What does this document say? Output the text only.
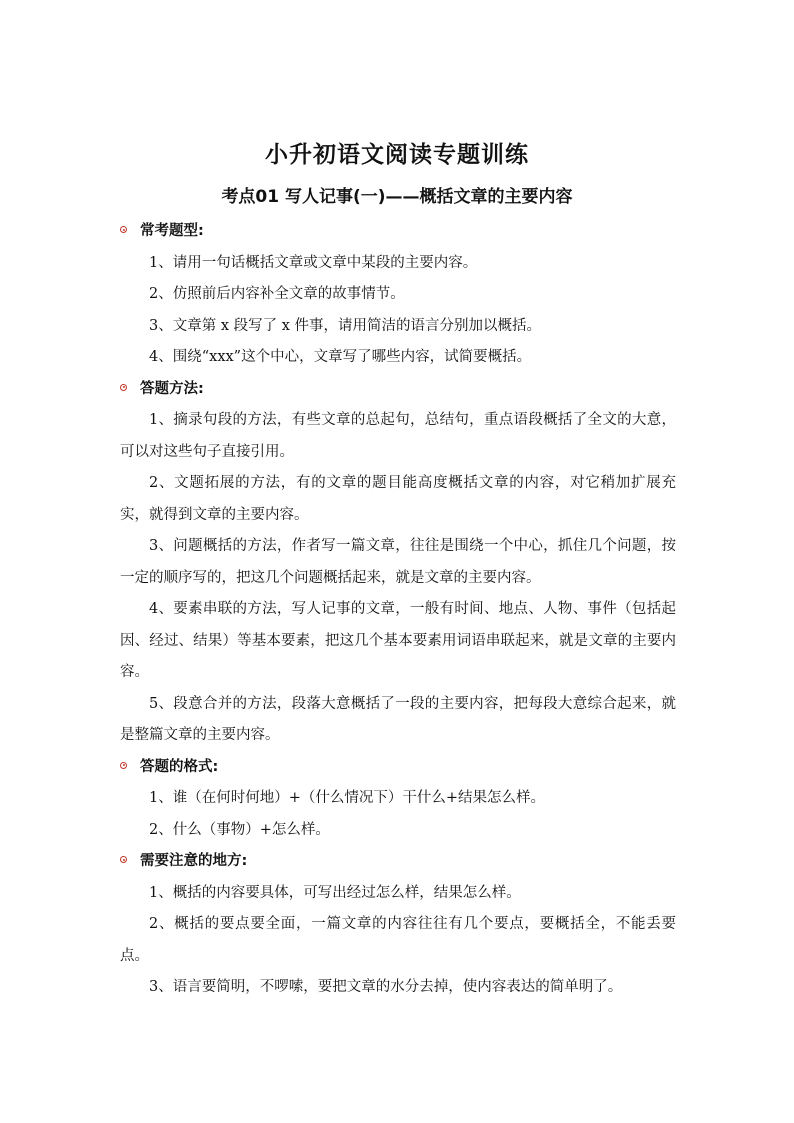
小升初语文阅读专题训练
考点01 写人记事(一)——概括文章的主要内容
常考题型:

1、请用一句话概括文章或文章中某段的主要内容。

2、仿照前后内容补全文章的故事情节。

3、文章第 x 段写了 x 件事，请用简洁的语言分别加以概括。

4、围绕“xxx”这个中心，文章写了哪些内容，试简要概括。

答题方法:

1、摘录句段的方法，有些文章的总起句，总结句，重点语段概括了全文的大意，可以对这些句子直接引用。

2、文题拓展的方法，有的文章的题目能高度概括文章的内容，对它稍加扩展充实，就得到文章的主要内容。

3、问题概括的方法，作者写一篇文章，往往是围绕一个中心，抓住几个问题，按一定的顺序写的，把这几个问题概括起来，就是文章的主要内容。

4、要素串联的方法，写人记事的文章，一般有时间、地点、人物、事件（包括起因、经过、结果）等基本要素，把这几个基本要素用词语串联起来，就是文章的主要内容。

5、段意合并的方法，段落大意概括了一段的主要内容，把每段大意综合起来，就是整篇文章的主要内容。

答题的格式:

1、谁（在何时何地）+（什么情况下）干什么+结果怎么样。

2、什么（事物）+怎么样。

需要注意的地方:

1、概括的内容要具体，可写出经过怎么样，结果怎么样。

2、概括的要点要全面，一篇文章的内容往往有几个要点，要概括全，不能丢要点。

3、语言要简明，不啰嗦，要把文章的水分去掉，使内容表达的简单明了。
